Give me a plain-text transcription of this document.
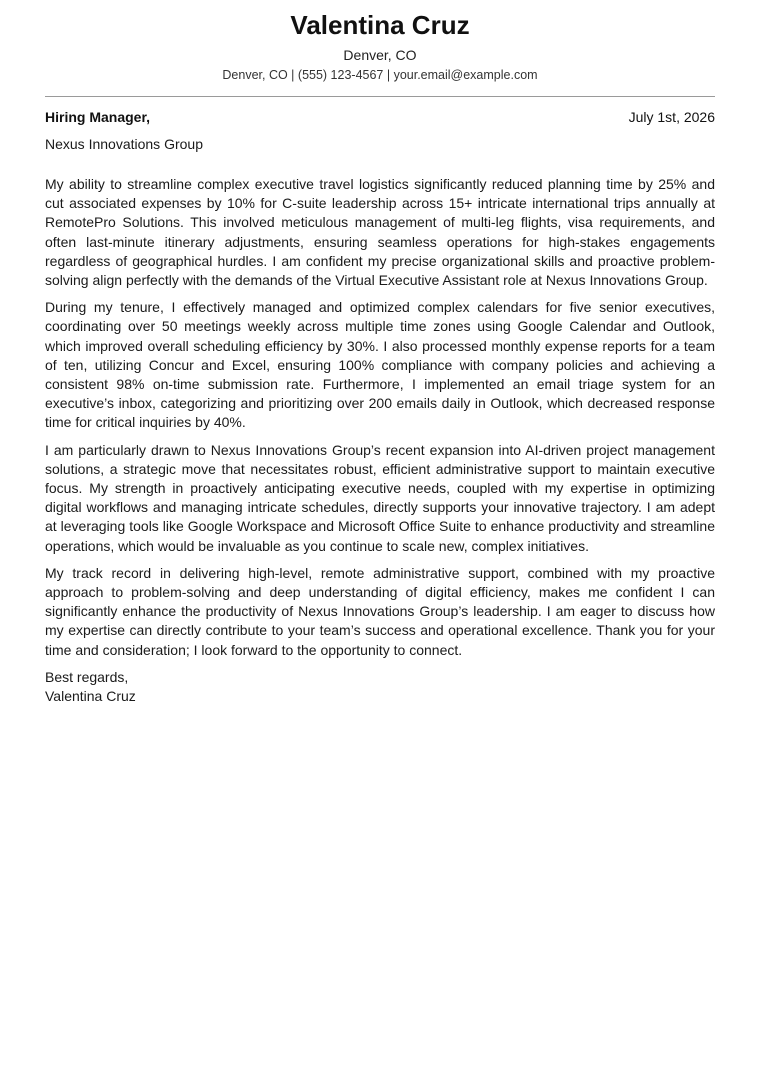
Valentina Cruz
Denver, CO
Denver, CO | (555) 123-4567 | your.email@example.com
Hiring Manager,	July 1st, 2026
Nexus Innovations Group

My ability to streamline complex executive travel logistics significantly reduced planning time by 25% and cut associated expenses by 10% for C-suite leadership across 15+ intricate international trips annually at RemotePro Solutions. This involved meticulous management of multi-leg flights, visa requirements, and often last-minute itinerary adjustments, ensuring seamless operations for high-stakes engagements regardless of geographical hurdles. I am confident my precise organizational skills and proactive problem-solving align perfectly with the demands of the Virtual Executive Assistant role at Nexus Innovations Group.

During my tenure, I effectively managed and optimized complex calendars for five senior executives, coordinating over 50 meetings weekly across multiple time zones using Google Calendar and Outlook, which improved overall scheduling efficiency by 30%. I also processed monthly expense reports for a team of ten, utilizing Concur and Excel, ensuring 100% compliance with company policies and achieving a consistent 98% on-time submission rate. Furthermore, I implemented an email triage system for an executive’s inbox, categorizing and prioritizing over 200 emails daily in Outlook, which decreased response time for critical inquiries by 40%.

I am particularly drawn to Nexus Innovations Group’s recent expansion into AI-driven project management solutions, a strategic move that necessitates robust, efficient administrative support to maintain executive focus. My strength in proactively anticipating executive needs, coupled with my expertise in optimizing digital workflows and managing intricate schedules, directly supports your innovative trajectory. I am adept at leveraging tools like Google Workspace and Microsoft Office Suite to enhance productivity and streamline operations, which would be invaluable as you continue to scale new, complex initiatives.

My track record in delivering high-level, remote administrative support, combined with my proactive approach to problem-solving and deep understanding of digital efficiency, makes me confident I can significantly enhance the productivity of Nexus Innovations Group’s leadership. I am eager to discuss how my expertise can directly contribute to your team’s success and operational excellence. Thank you for your time and consideration; I look forward to the opportunity to connect.

Best regards,
Valentina Cruz
